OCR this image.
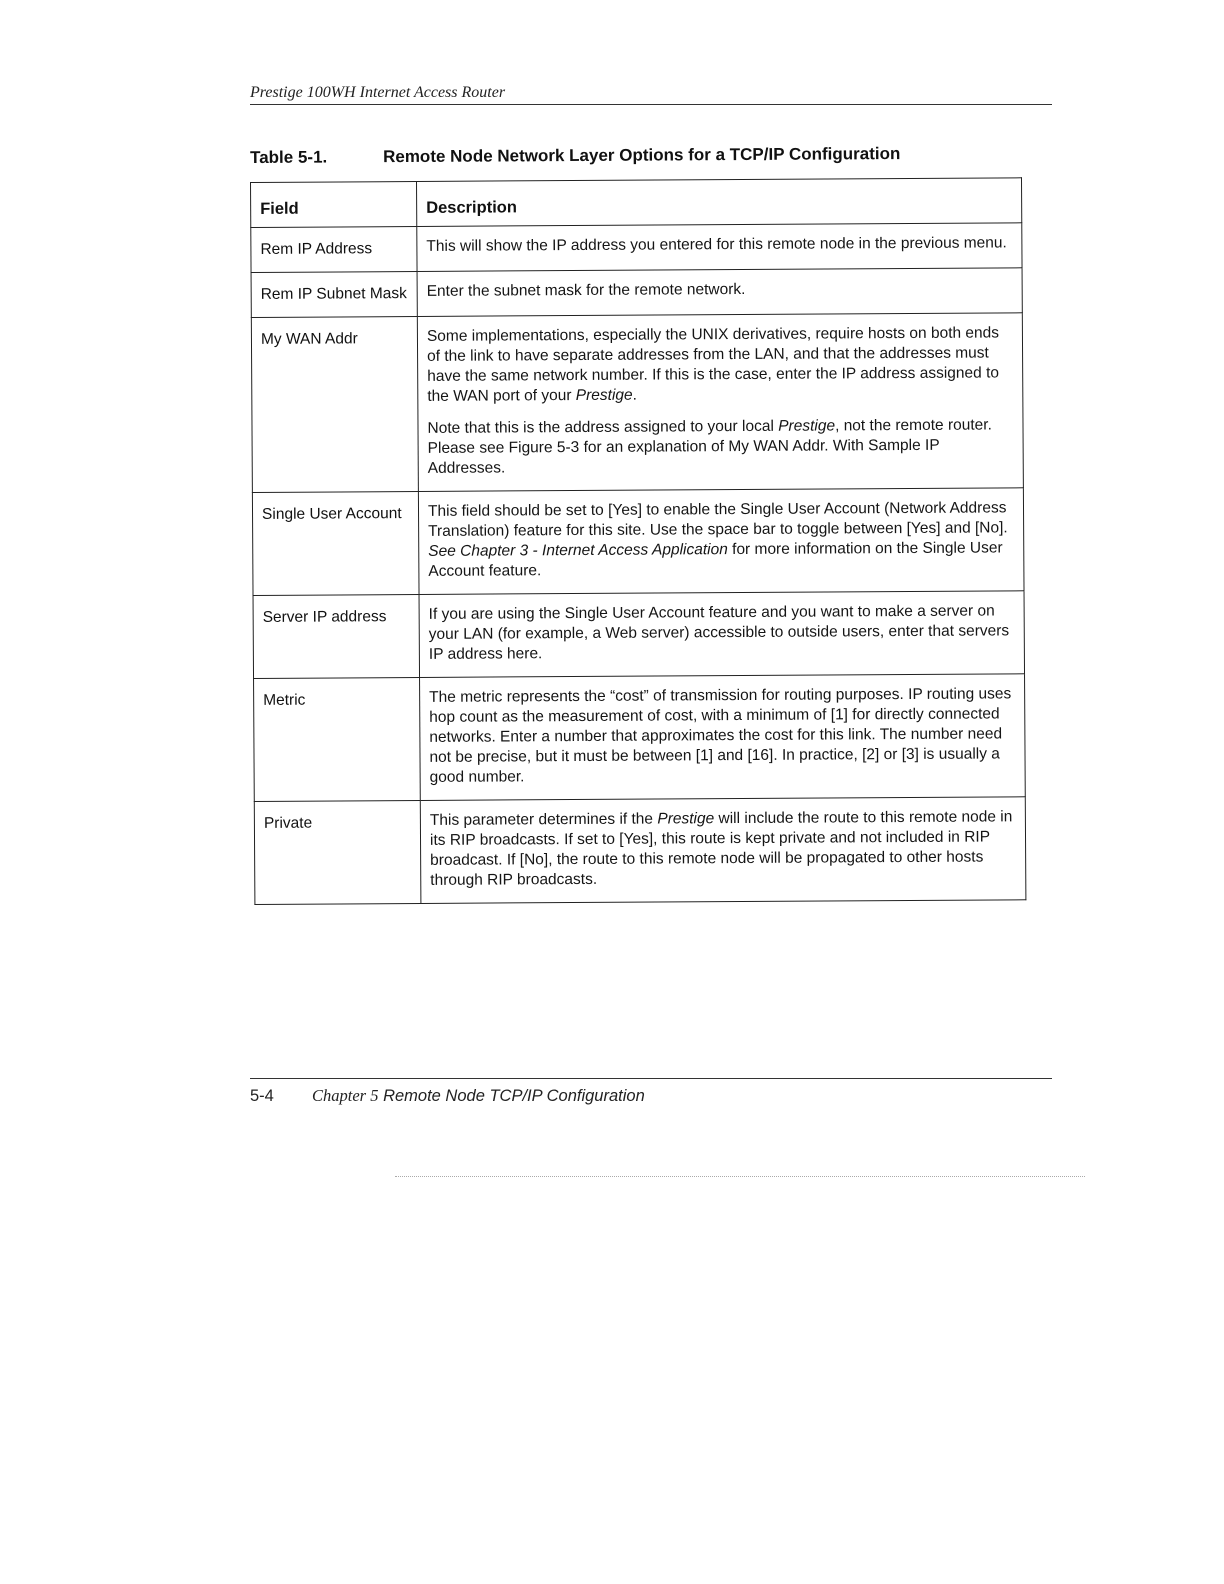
Prestige 100WH Internet Access Router
Table 5-1.	Remote Node Network Layer Options for a TCP/IP Configuration
Field	Description
Rem IP Address	This will show the IP address you entered for this remote node in the previous menu.

Rem IP Subnet Mask	Enter the subnet mask for the remote network.

My WAN Addr	Some implementations, especially the UNIX derivatives, require hosts on both ends of the link to have separate addresses from the LAN, and that the addresses must have the same network number. If this is the case, enter the IP address assigned to the WAN port of your Prestige.

Note that this is the address assigned to your local Prestige, not the remote router. Please see Figure 5-3 for an explanation of My WAN Addr. With Sample IP Addresses.

Single User Account	This field should be set to [Yes] to enable the Single User Account (Network Address Translation) feature for this site. Use the space bar to toggle between [Yes] and [No]. See Chapter 3 - Internet Access Application for more information on the Single User Account feature.

Server IP address	If you are using the Single User Account feature and you want to make a server on your LAN (for example, a Web server) accessible to outside users, enter that servers IP address here.

Metric	The metric represents the “cost” of transmission for routing purposes. IP routing uses hop count as the measurement of cost, with a minimum of [1] for directly connected networks. Enter a number that approximates the cost for this link. The number need not be precise, but it must be between [1] and [16]. In practice, [2] or [3] is usually a good number.

Private	This parameter determines if the Prestige will include the route to this remote node in its RIP broadcasts. If set to [Yes], this route is kept private and not included in RIP broadcast. If [No], the route to this remote node will be propagated to other hosts through RIP broadcasts.

5-4 Chapter 5 Remote Node TCP/IP Configuration
